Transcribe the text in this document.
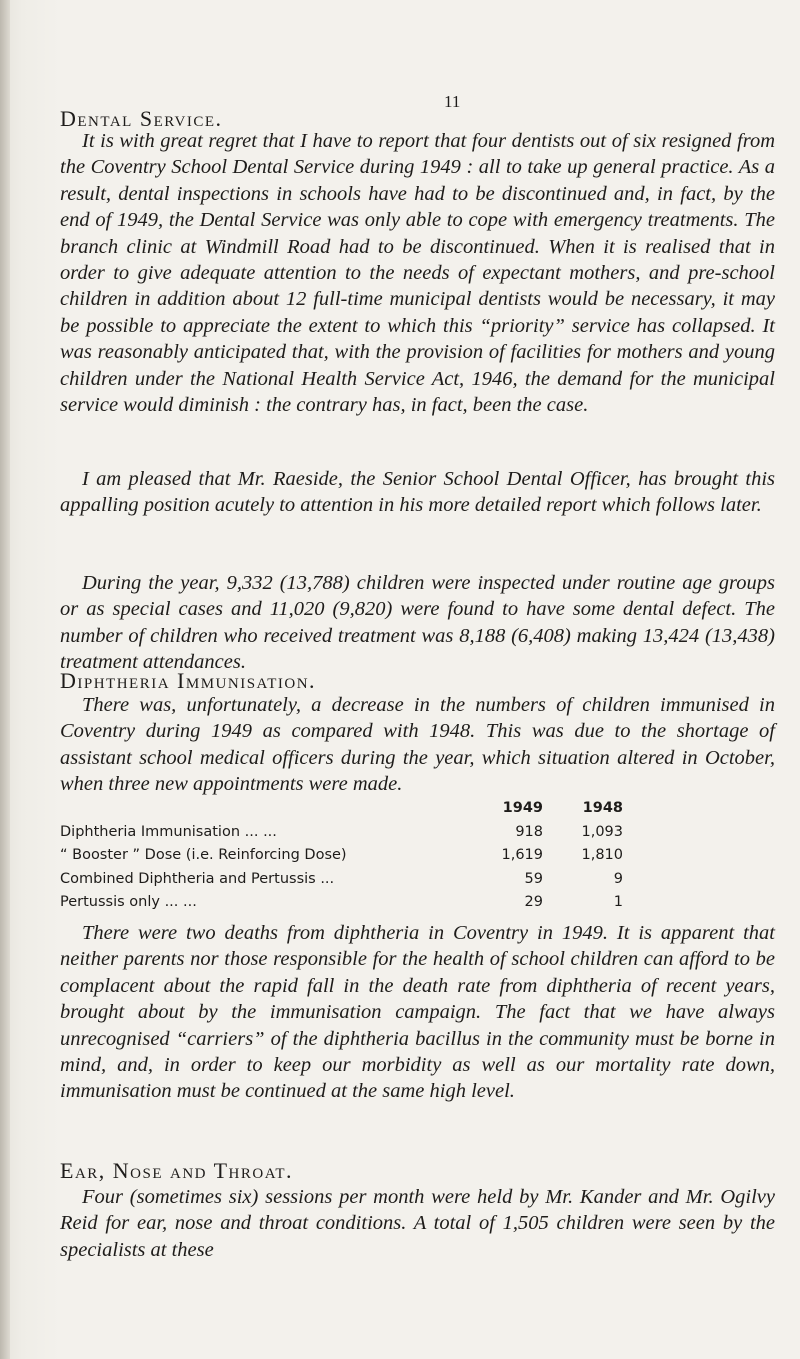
11
Dental Service.

It is with great regret that I have to report that four dentists out of six resigned from the Coventry School Dental Service during 1949 : all to take up general practice. As a result, dental inspections in schools have had to be discontinued and, in fact, by the end of 1949, the Dental Service was only able to cope with emergency treatments. The branch clinic at Windmill Road had to be discontinued. When it is realised that in order to give adequate attention to the needs of expectant mothers, and pre-school children in addition about 12 full-time municipal dentists would be necessary, it may be possible to appreciate the extent to which this “priority” service has collapsed. It was reasonably anticipated that, with the provision of facilities for mothers and young children under the National Health Service Act, 1946, the demand for the municipal service would diminish : the contrary has, in fact, been the case.

I am pleased that Mr. Raeside, the Senior School Dental Officer, has brought this appalling position acutely to attention in his more detailed report which follows later.

During the year, 9,332 (13,788) children were inspected under routine age groups or as special cases and 11,020 (9,820) were found to have some dental defect. The number of children who received treatment was 8,188 (6,408) making 13,424 (13,438) treatment attendances.

Diphtheria Immunisation.

There was, unfortunately, a decrease in the numbers of children immunised in Coventry during 1949 as compared with 1948. This was due to the shortage of assistant school medical officers during the year, which situation altered in October, when three new appointments were made.

1949	1948
Diphtheria Immunisation ... ...	918	1,093
“ Booster ” Dose (i.e. Reinforcing Dose)	1,619	1,810
Combined Diphtheria and Pertussis ...	59	9
Pertussis only ... ...	29	1

There were two deaths from diphtheria in Coventry in 1949. It is apparent that neither parents nor those responsible for the health of school children can afford to be complacent about the rapid fall in the death rate from diphtheria of recent years, brought about by the immunisation campaign. The fact that we have always unrecognised “carriers” of the diphtheria bacillus in the community must be borne in mind, and, in order to keep our morbidity as well as our mortality rate down, immunisation must be continued at the same high level.

Ear, Nose and Throat.

Four (sometimes six) sessions per month were held by Mr. Kander and Mr. Ogilvy Reid for ear, nose and throat conditions. A total of 1,505 children were seen by the specialists at these
